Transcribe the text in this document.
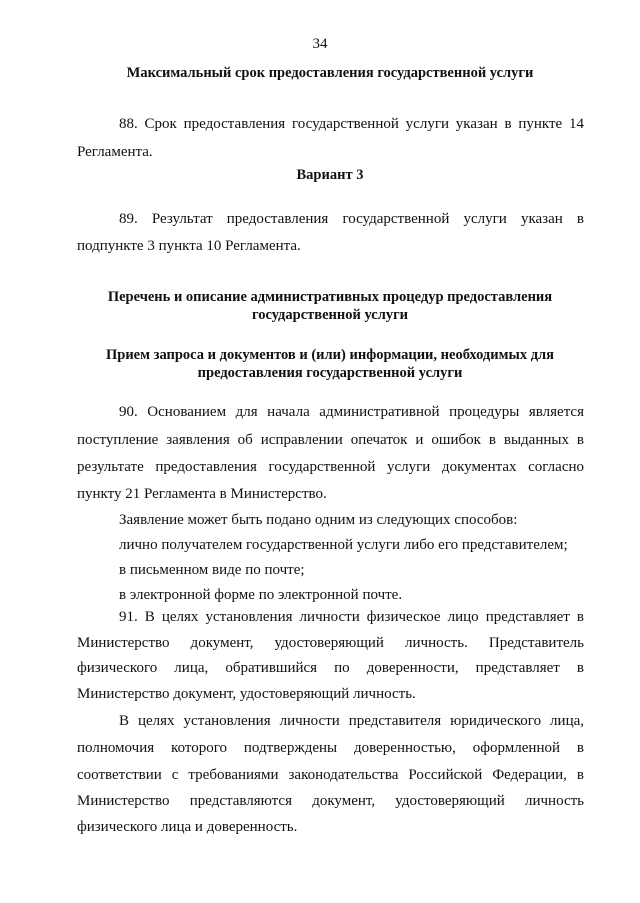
34
Максимальный срок предоставления государственной услуги
88. Срок предоставления государственной услуги указан в пункте 14
Регламента.
Вариант 3
89. Результат предоставления государственной услуги указан в
подпункте 3 пункта 10 Регламента.
Перечень и описание административных процедур предоставления
государственной услуги
Прием запроса и документов и (или) информации, необходимых для
предоставления государственной услуги
90. Основанием для начала административной процедуры является
поступление заявления об исправлении опечаток и ошибок в выданных в
результате предоставления государственной услуги документах согласно
пункту 21 Регламента в Министерство.
Заявление может быть подано одним из следующих способов:
лично получателем государственной услуги либо его представителем;
в письменном виде по почте;
в электронной форме по электронной почте.
91. В целях установления личности физическое лицо представляет в
Министерство документ, удостоверяющий личность. Представитель
физического лица, обратившийся по доверенности, представляет в
Министерство документ, удостоверяющий личность.
В целях установления личности представителя юридического лица,
полномочия которого подтверждены доверенностью, оформленной в
соответствии с требованиями законодательства Российской Федерации, в
Министерство представляются документ, удостоверяющий личность
физического лица и доверенность.
